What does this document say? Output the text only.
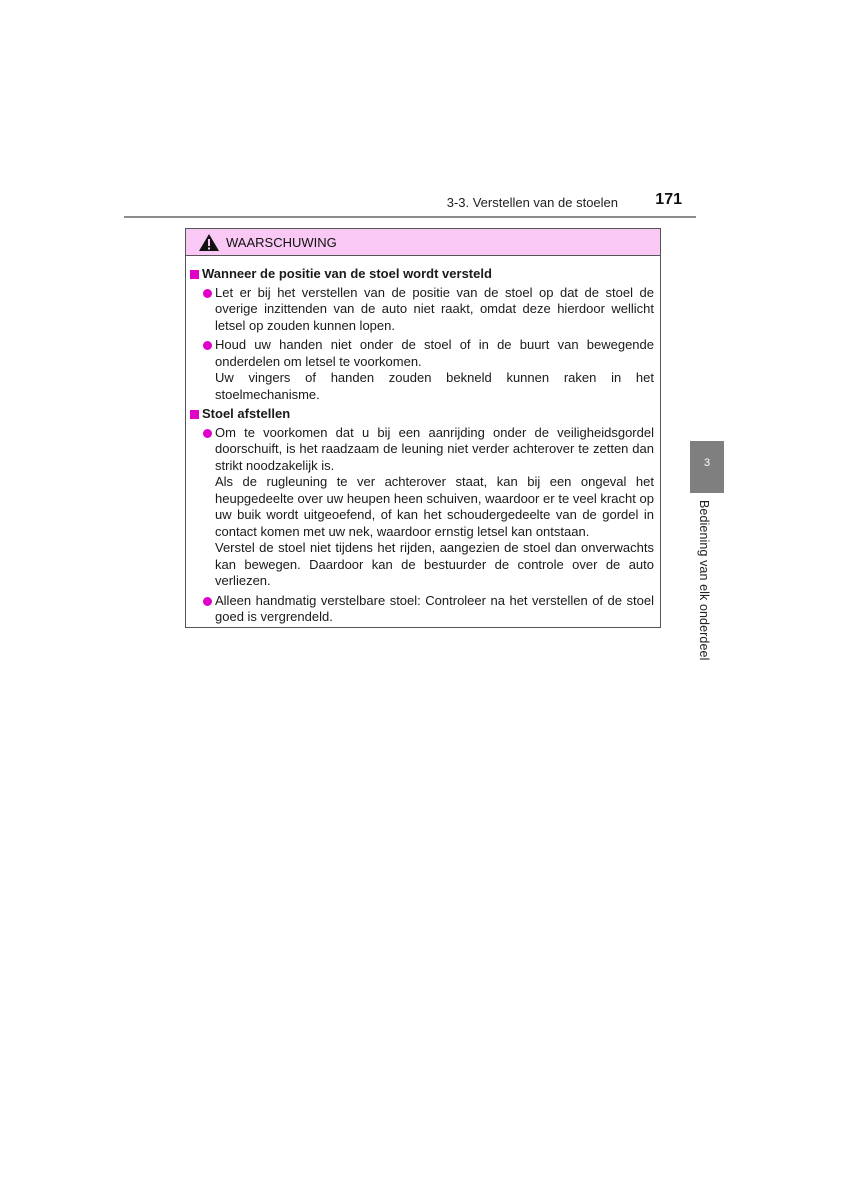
3-3. Verstellen van de stoelen 171
WAARSCHUWING
Wanneer de positie van de stoel wordt versteld

Let er bij het verstellen van de positie van de stoel op dat de stoel de overige inzittenden van de auto niet raakt, omdat deze hierdoor wellicht letsel op zouden kunnen lopen.

Houd uw handen niet onder de stoel of in de buurt van bewegende onderdelen om letsel te voorkomen.

Uw vingers of handen zouden bekneld kunnen raken in het stoelmechanisme.

Stoel afstellen

Om te voorkomen dat u bij een aanrijding onder de veiligheidsgordel doorschuift, is het raadzaam de leuning niet verder achterover te zetten dan strikt noodzakelijk is.

Als de rugleuning te ver achterover staat, kan bij een ongeval het heupgedeelte over uw heupen heen schuiven, waardoor er te veel kracht op uw buik wordt uitgeoefend, of kan het schoudergedeelte van de gordel in contact komen met uw nek, waardoor ernstig letsel kan ontstaan.

Verstel de stoel niet tijdens het rijden, aangezien de stoel dan onverwachts kan bewegen. Daardoor kan de bestuurder de controle over de auto verliezen.

Alleen handmatig verstelbare stoel: Controleer na het verstellen of de stoel goed is vergrendeld.

3
Bediening van elk onderdeel
